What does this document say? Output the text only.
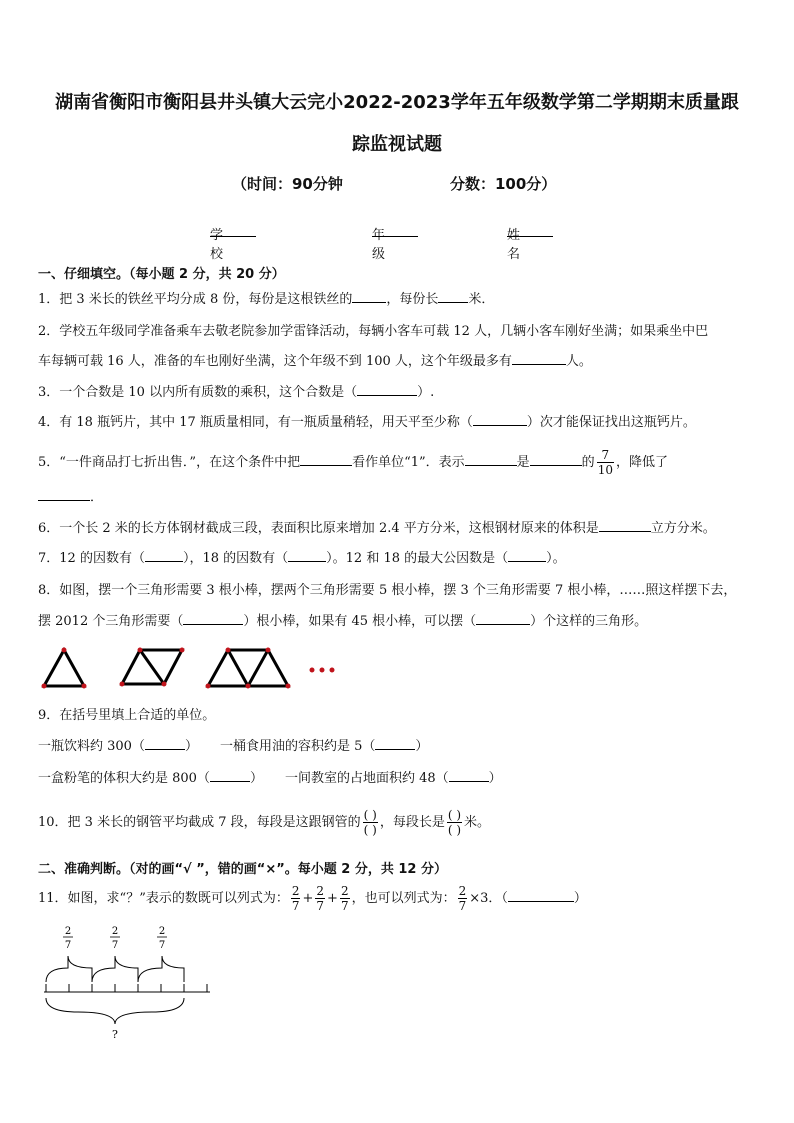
湖南省衡阳市衡阳县井头镇大云完小2022-2023学年五年级数学第二学期期末质量跟
踪监视试题
（时间：90分钟	分数：100分）
学校
年级
姓名
一、仔细填空。（每小题 2 分，共 20 分）
1．把 3 米长的铁丝平均分成 8 份，每份是这根铁丝的	，每份长 米．
2．学校五年级同学准备乘车去敬老院参加学雷锋活动，每辆小客车可载 12 人，几辆小客车刚好坐满；如果乘坐中巴
车每辆可载 16 人，准备的车也刚好坐满，这个年级不到 100 人，这个年级最多有	人。
3．一个合数是 10 以内所有质数的乘积，这个合数是（	）.
4．有 18 瓶钙片，其中 17 瓶质量相同，有一瓶质量稍轻，用天平至少称（	）次才能保证找出这瓶钙片。
5．“一件商品打七折出售．”，在这个条件中把	看作单位“1”．表示	是	的 $\frac{7}{10}$ ，降低了
．
6．一个长 2 米的长方体钢材截成三段，表面积比原来增加 2.4 平方分米，这根钢材原来的体积是	立方分米。
7．12 的因数有（	），18 的因数有（	）。12 和 18 的最大公因数是（	）。
8．如图，摆一个三角形需要 3 根小棒，摆两个三角形需要 5 根小棒，摆 3 个三角形需要 7 根小棒，……照这样摆下去，
摆 2012 个三角形需要（	）根小棒，如果有 45 根小棒，可以摆（	）个这样的三角形。
9．在括号里填上合适的单位。
一瓶饮料约 300（	） 一桶食用油的容积约是 5（	）
一盒粉笔的体积大约是 800（	） 一间教室的占地面积约 48（	）
10．把 3 米长的钢管平均截成 7 段，每段是这跟钢管的 $\frac{( )}{( )}$ ，每段长是 $\frac{( )}{( )}$ 米。
二、准确判断。（对的画“√ ”，错的画“×”。每小题 2 分，共 12 分）
11．如图，求“？”表示的数既可以列式为： $\frac{2}{7} + \frac{2}{7} + \frac{2}{7}$ ，也可以列式为： $\frac{2}{7} \times 3$．（	）
2
7
2
7
2
7
?
